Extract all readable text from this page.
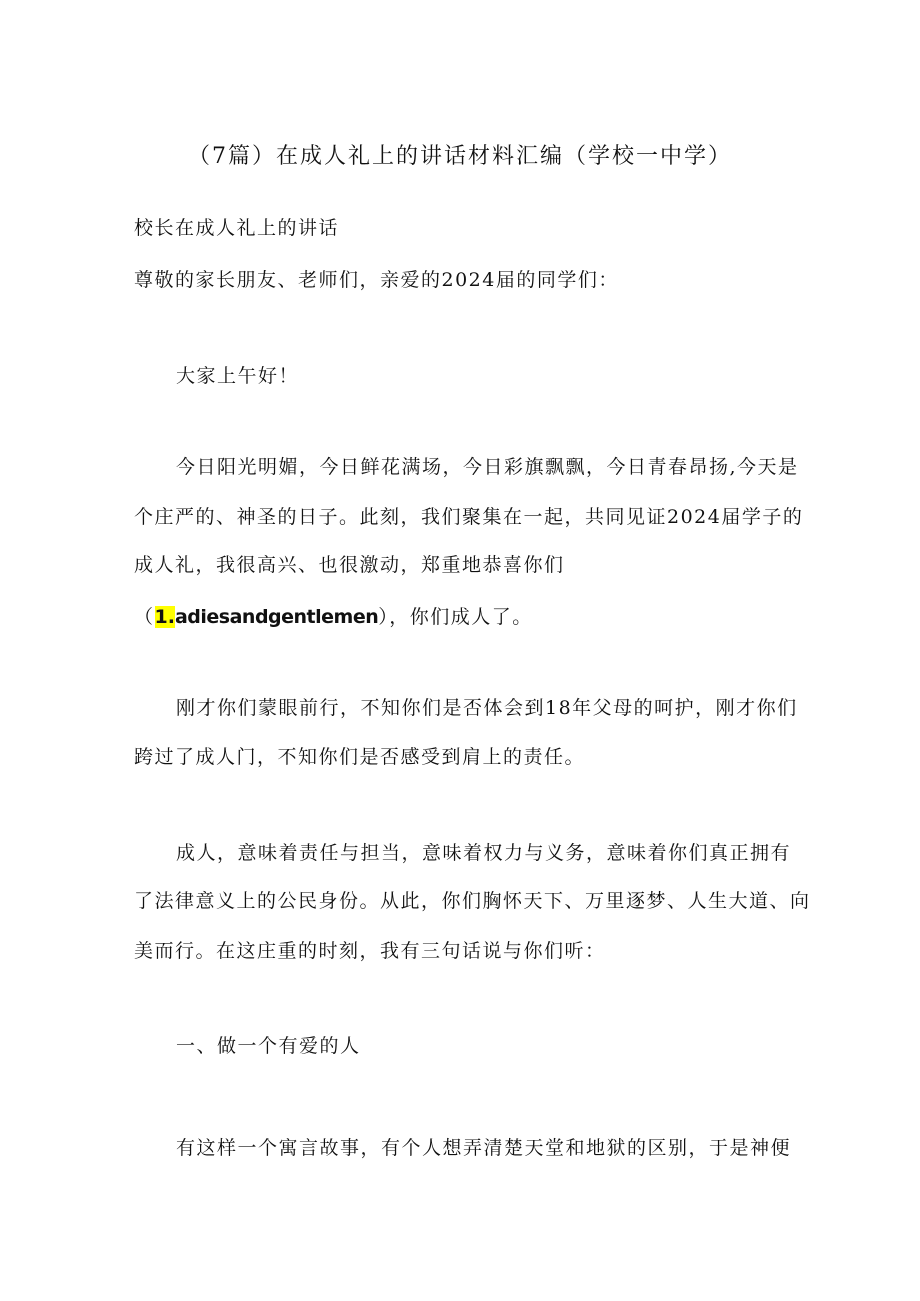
（7篇）在成人礼上的讲话材料汇编（学校一中学）
校长在成人礼上的讲话
尊敬的家长朋友、老师们，亲爱的2024届的同学们：
大家上午好！
今日阳光明媚，今日鲜花满场，今日彩旗飘飘，今日青春昂扬,今天是
个庄严的、神圣的日子。此刻，我们聚集在一起，共同见证2024届学子的
成人礼，我很高兴、也很激动，郑重地恭喜你们
（1.adiesandgentlemen），你们成人了。
刚才你们蒙眼前行，不知你们是否体会到18年父母的呵护，刚才你们
跨过了成人门，不知你们是否感受到肩上的责任。
成人，意味着责任与担当，意味着权力与义务，意味着你们真正拥有
了法律意义上的公民身份。从此，你们胸怀天下、万里逐梦、人生大道、向
美而行。在这庄重的时刻，我有三句话说与你们听：
一、做一个有爱的人
有这样一个寓言故事，有个人想弄清楚天堂和地狱的区别，于是神便
